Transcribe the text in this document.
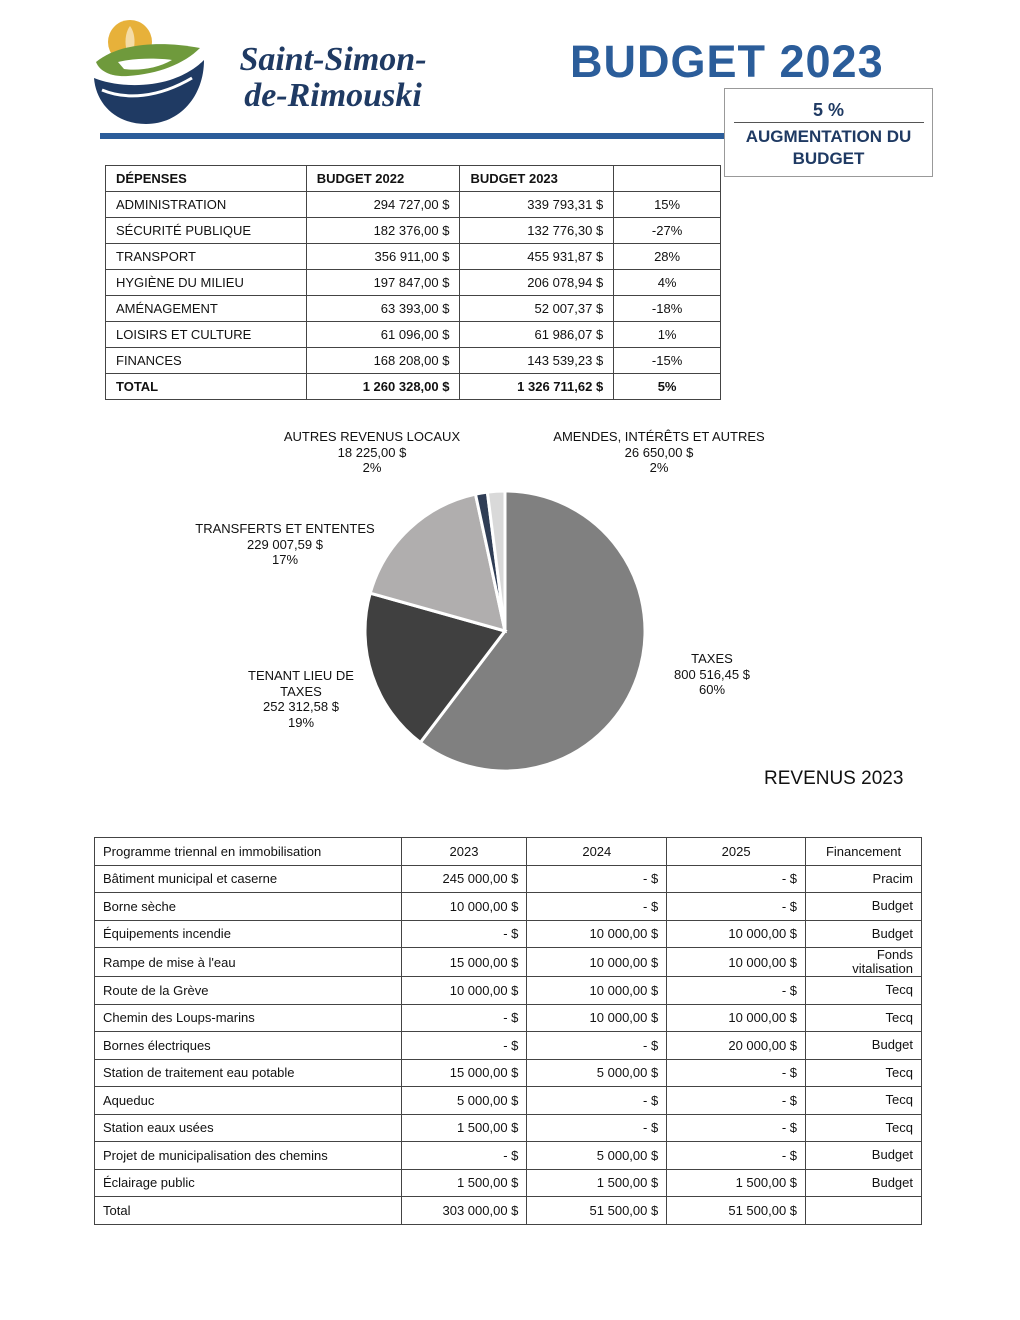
Saint-Simon-
de-Rimouski
BUDGET 2023
5 %
AUGMENTATION DU
BUDGET
DÉPENSES	BUDGET 2022	BUDGET 2023	
ADMINISTRATION	294 727,00 $	339 793,31 $	15%
SÉCURITÉ PUBLIQUE	182 376,00 $	132 776,30 $	-27%
TRANSPORT	356 911,00 $	455 931,87 $	28%
HYGIÈNE DU MILIEU	197 847,00 $	206 078,94 $	4%
AMÉNAGEMENT	63 393,00 $	52 007,37 $	-18%
LOISIRS ET CULTURE	61 096,00 $	61 986,07 $	1%
FINANCES	168 208,00 $	143 539,23 $	-15%
TOTAL	1 260 328,00 $	1 326 711,62 $	5%
AUTRES REVENUS LOCAUX
18 225,00 $
2%
AMENDES, INTÉRÊTS ET AUTRES
26 650,00 $
2%
TRANSFERTS ET ENTENTES
229 007,59 $
17%
TENANT LIEU DE
TAXES
252 312,58 $
19%
TAXES
800 516,45 $
60%
REVENUS 2023
Programme triennal en immobilisation	2023	2024	2025	Financement
Bâtiment municipal et caserne	245 000,00 $	- $	- $	Pracim
Borne sèche	10 000,00 $	- $	- $	Budget
Équipements incendie	- $	10 000,00 $	10 000,00 $	Budget
Rampe de mise à l'eau	15 000,00 $	10 000,00 $	10 000,00 $	Fonds vitalisation
Route de la Grève	10 000,00 $	10 000,00 $	- $	Tecq
Chemin des Loups-marins	- $	10 000,00 $	10 000,00 $	Tecq
Bornes électriques	- $	- $	20 000,00 $	Budget
Station de traitement eau potable	15 000,00 $	5 000,00 $	- $	Tecq
Aqueduc	5 000,00 $	- $	- $	Tecq
Station eaux usées	1 500,00 $	- $	- $	Tecq
Projet de municipalisation des chemins	- $	5 000,00 $	- $	Budget
Éclairage public	1 500,00 $	1 500,00 $	1 500,00 $	Budget
Total	303 000,00 $	51 500,00 $	51 500,00 $	
